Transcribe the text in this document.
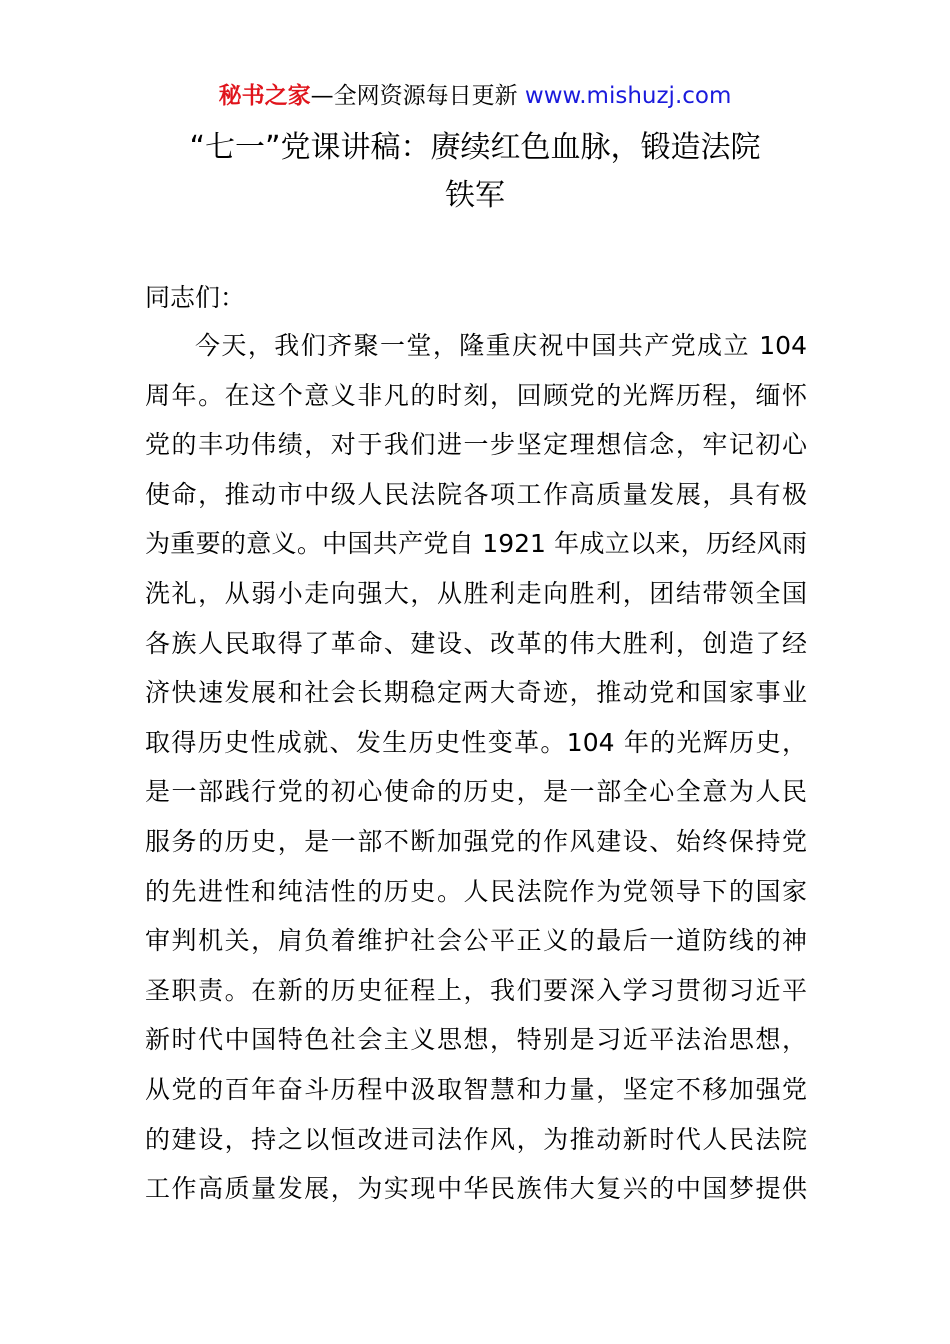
秘书之家—全网资源每日更新 www.mishuzj.com
“七一”党课讲稿：赓续红色血脉，锻造法院
铁军
同志们：
今天，我们齐聚一堂，隆重庆祝中国共产党成立 104
周年。在这个意义非凡的时刻，回顾党的光辉历程，缅怀
党的丰功伟绩，对于我们进一步坚定理想信念，牢记初心
使命，推动市中级人民法院各项工作高质量发展，具有极
为重要的意义。中国共产党自 1921 年成立以来，历经风雨
洗礼，从弱小走向强大，从胜利走向胜利，团结带领全国
各族人民取得了革命、建设、改革的伟大胜利，创造了经
济快速发展和社会长期稳定两大奇迹，推动党和国家事业
取得历史性成就、发生历史性变革。104 年的光辉历史，
是一部践行党的初心使命的历史，是一部全心全意为人民
服务的历史，是一部不断加强党的作风建设、始终保持党
的先进性和纯洁性的历史。人民法院作为党领导下的国家
审判机关，肩负着维护社会公平正义的最后一道防线的神
圣职责。在新的历史征程上，我们要深入学习贯彻习近平
新时代中国特色社会主义思想，特别是习近平法治思想，
从党的百年奋斗历程中汲取智慧和力量，坚定不移加强党
的建设，持之以恒改进司法作风，为推动新时代人民法院
工作高质量发展，为实现中华民族伟大复兴的中国梦提供
